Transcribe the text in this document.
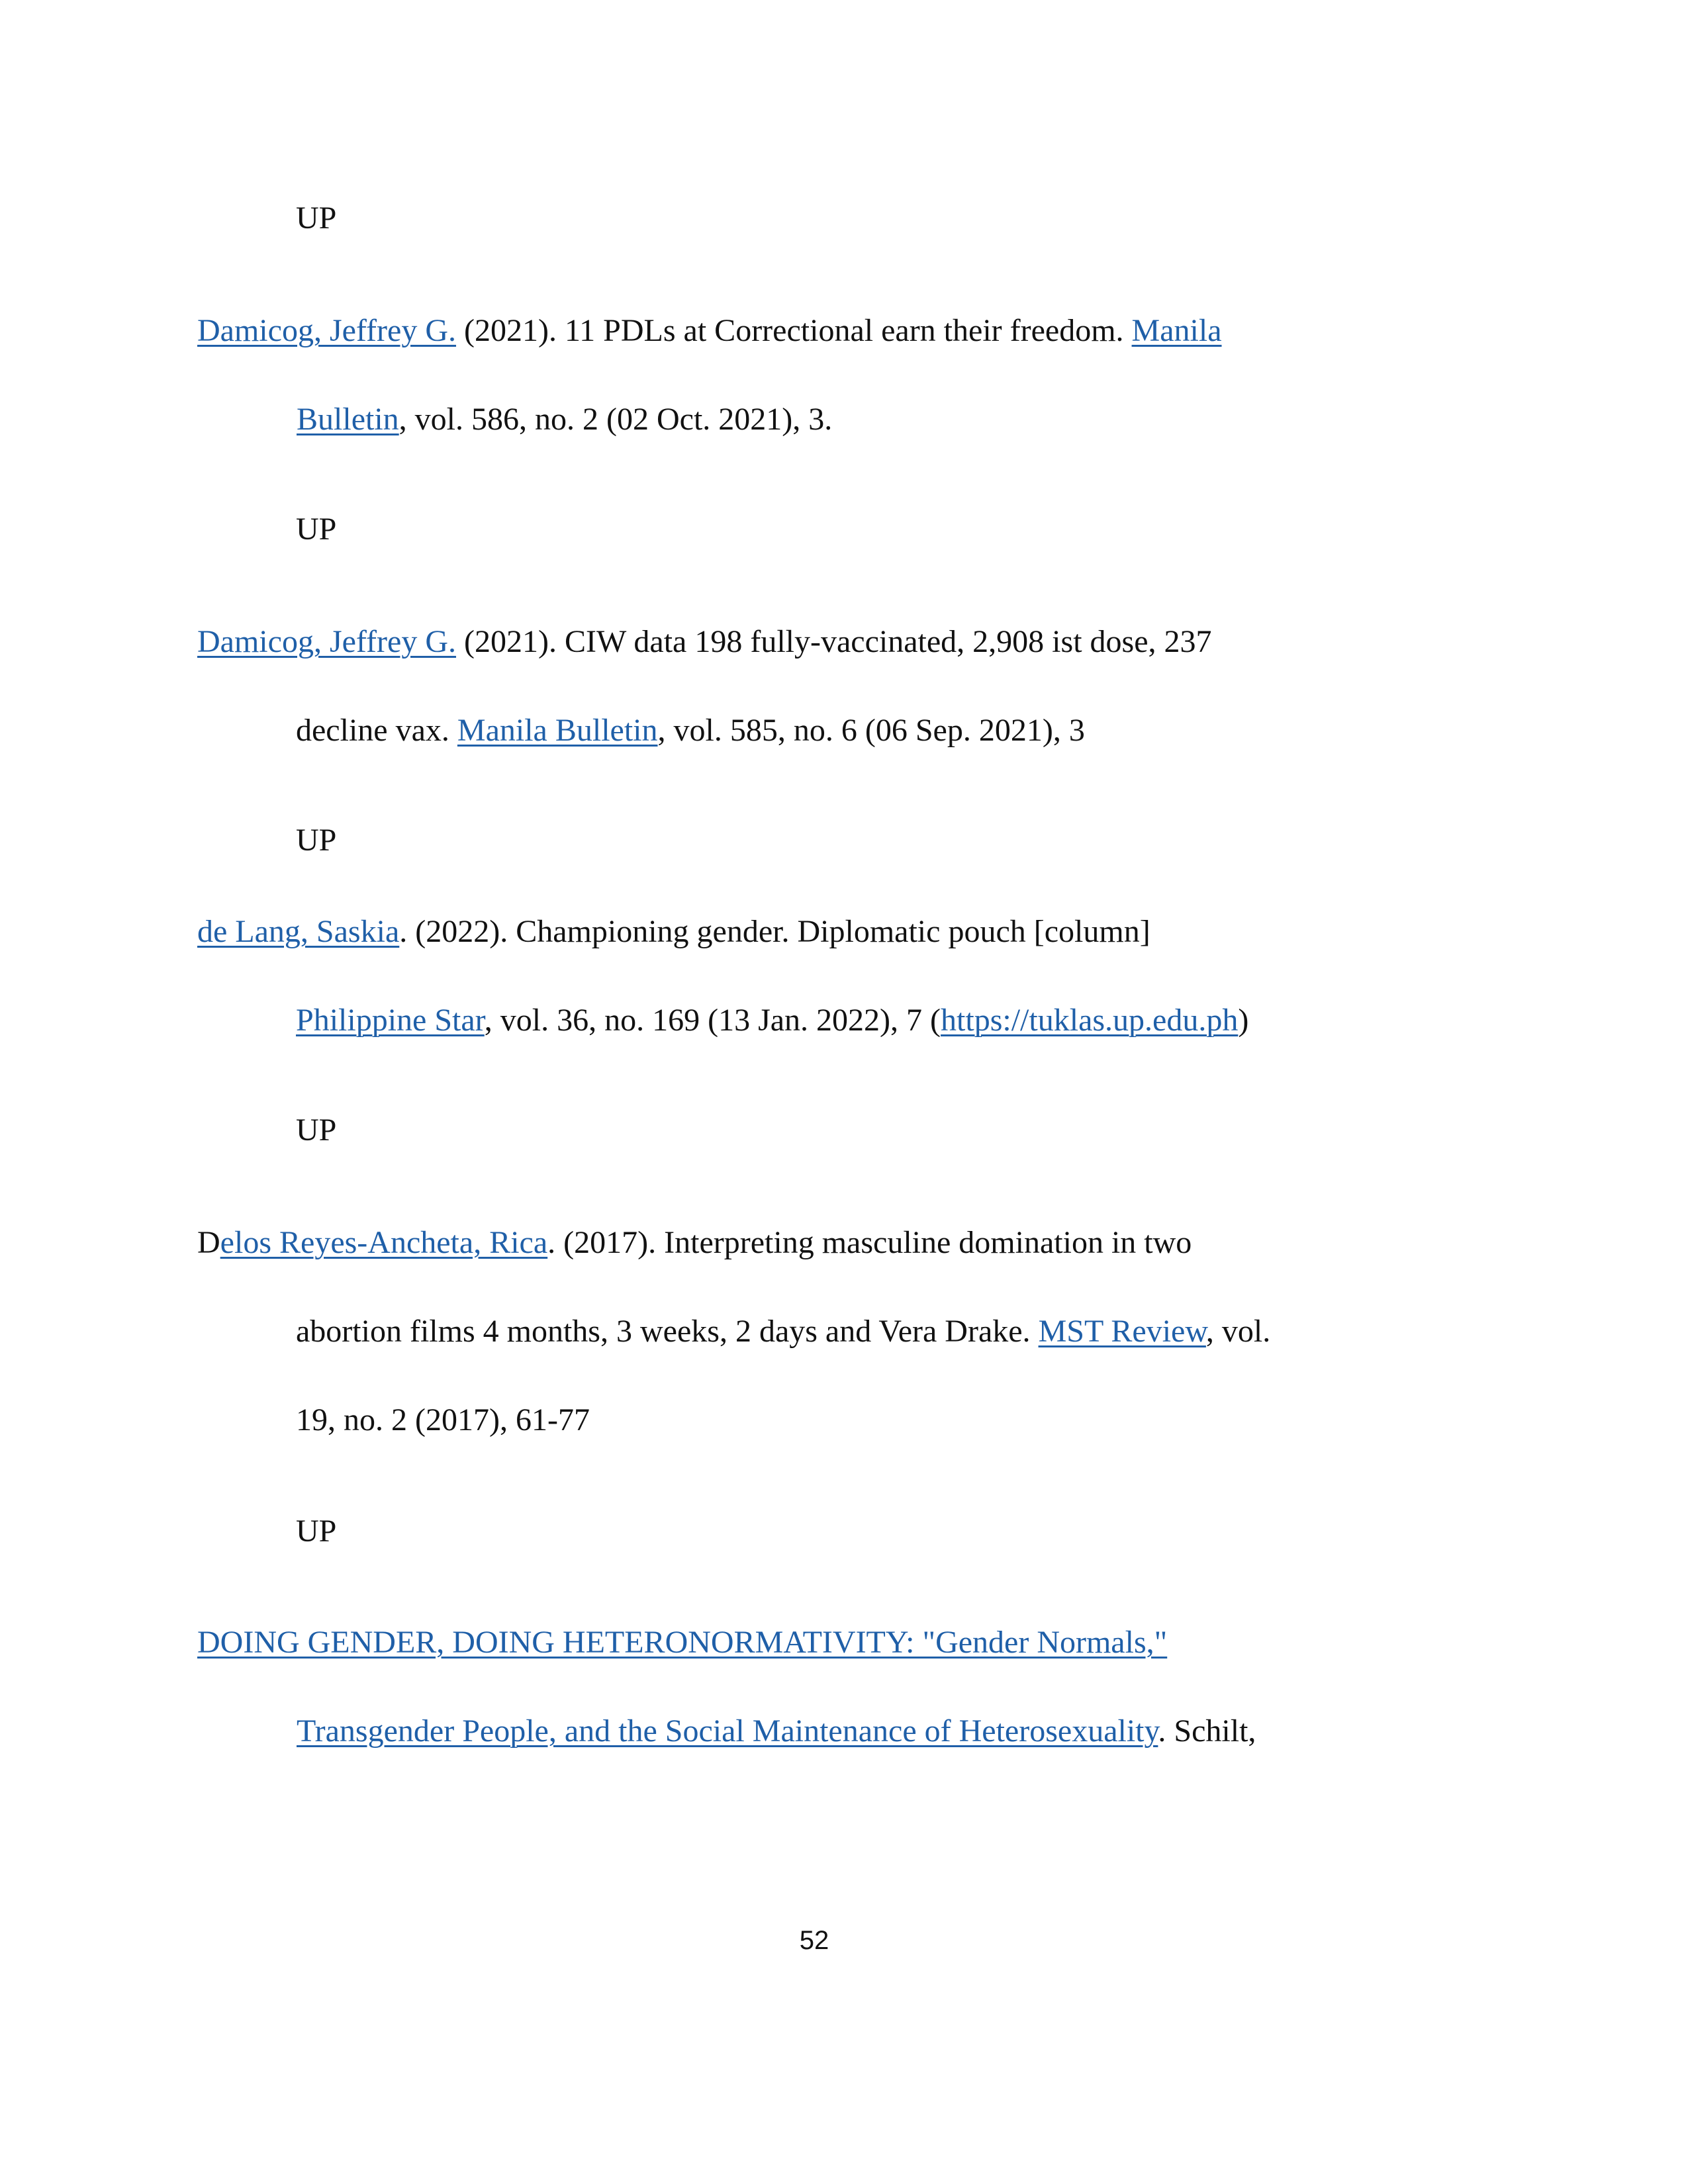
UP
Damicog, Jeffrey G. (2021). 11 PDLs at Correctional earn their freedom. Manila
Bulletin, vol. 586, no. 2 (02 Oct. 2021), 3.
UP
Damicog, Jeffrey G. (2021). CIW data 198 fully-vaccinated, 2,908 ist dose, 237
decline vax. Manila Bulletin, vol. 585, no. 6 (06 Sep. 2021), 3
UP
de Lang, Saskia. (2022). Championing gender. Diplomatic pouch [column]
Philippine Star, vol. 36, no. 169 (13 Jan. 2022), 7 (https://tuklas.up.edu.ph)
UP
Delos Reyes-Ancheta, Rica. (2017). Interpreting masculine domination in two
abortion films 4 months, 3 weeks, 2 days and Vera Drake. MST Review, vol.
19, no. 2 (2017), 61-77
UP
DOING GENDER, DOING HETERONORMATIVITY: "Gender Normals,"
Transgender People, and the Social Maintenance of Heterosexuality. Schilt,
52
